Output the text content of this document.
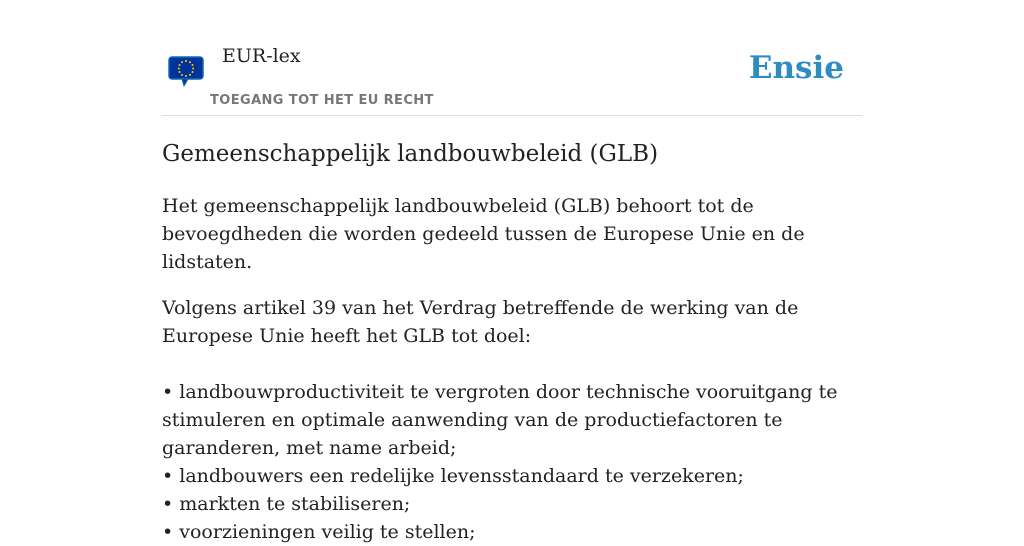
EUR-lex
TOEGANG TOT HET EU RECHT
Ensie
Gemeenschappelijk landbouwbeleid (GLB)

Het gemeenschappelijk landbouwbeleid (GLB) behoort tot de bevoegdheden die worden gedeeld tussen de Europese Unie en de lidstaten.

Volgens artikel 39 van het Verdrag betreffende de werking van de Europese Unie heeft het GLB tot doel:

• landbouwproductiviteit te vergroten door technische vooruitgang te stimuleren en optimale aanwending van de productiefactoren te garanderen, met name arbeid;
• landbouwers een redelijke levensstandaard te verzekeren;
• markten te stabiliseren;
• voorzieningen veilig te stellen;
